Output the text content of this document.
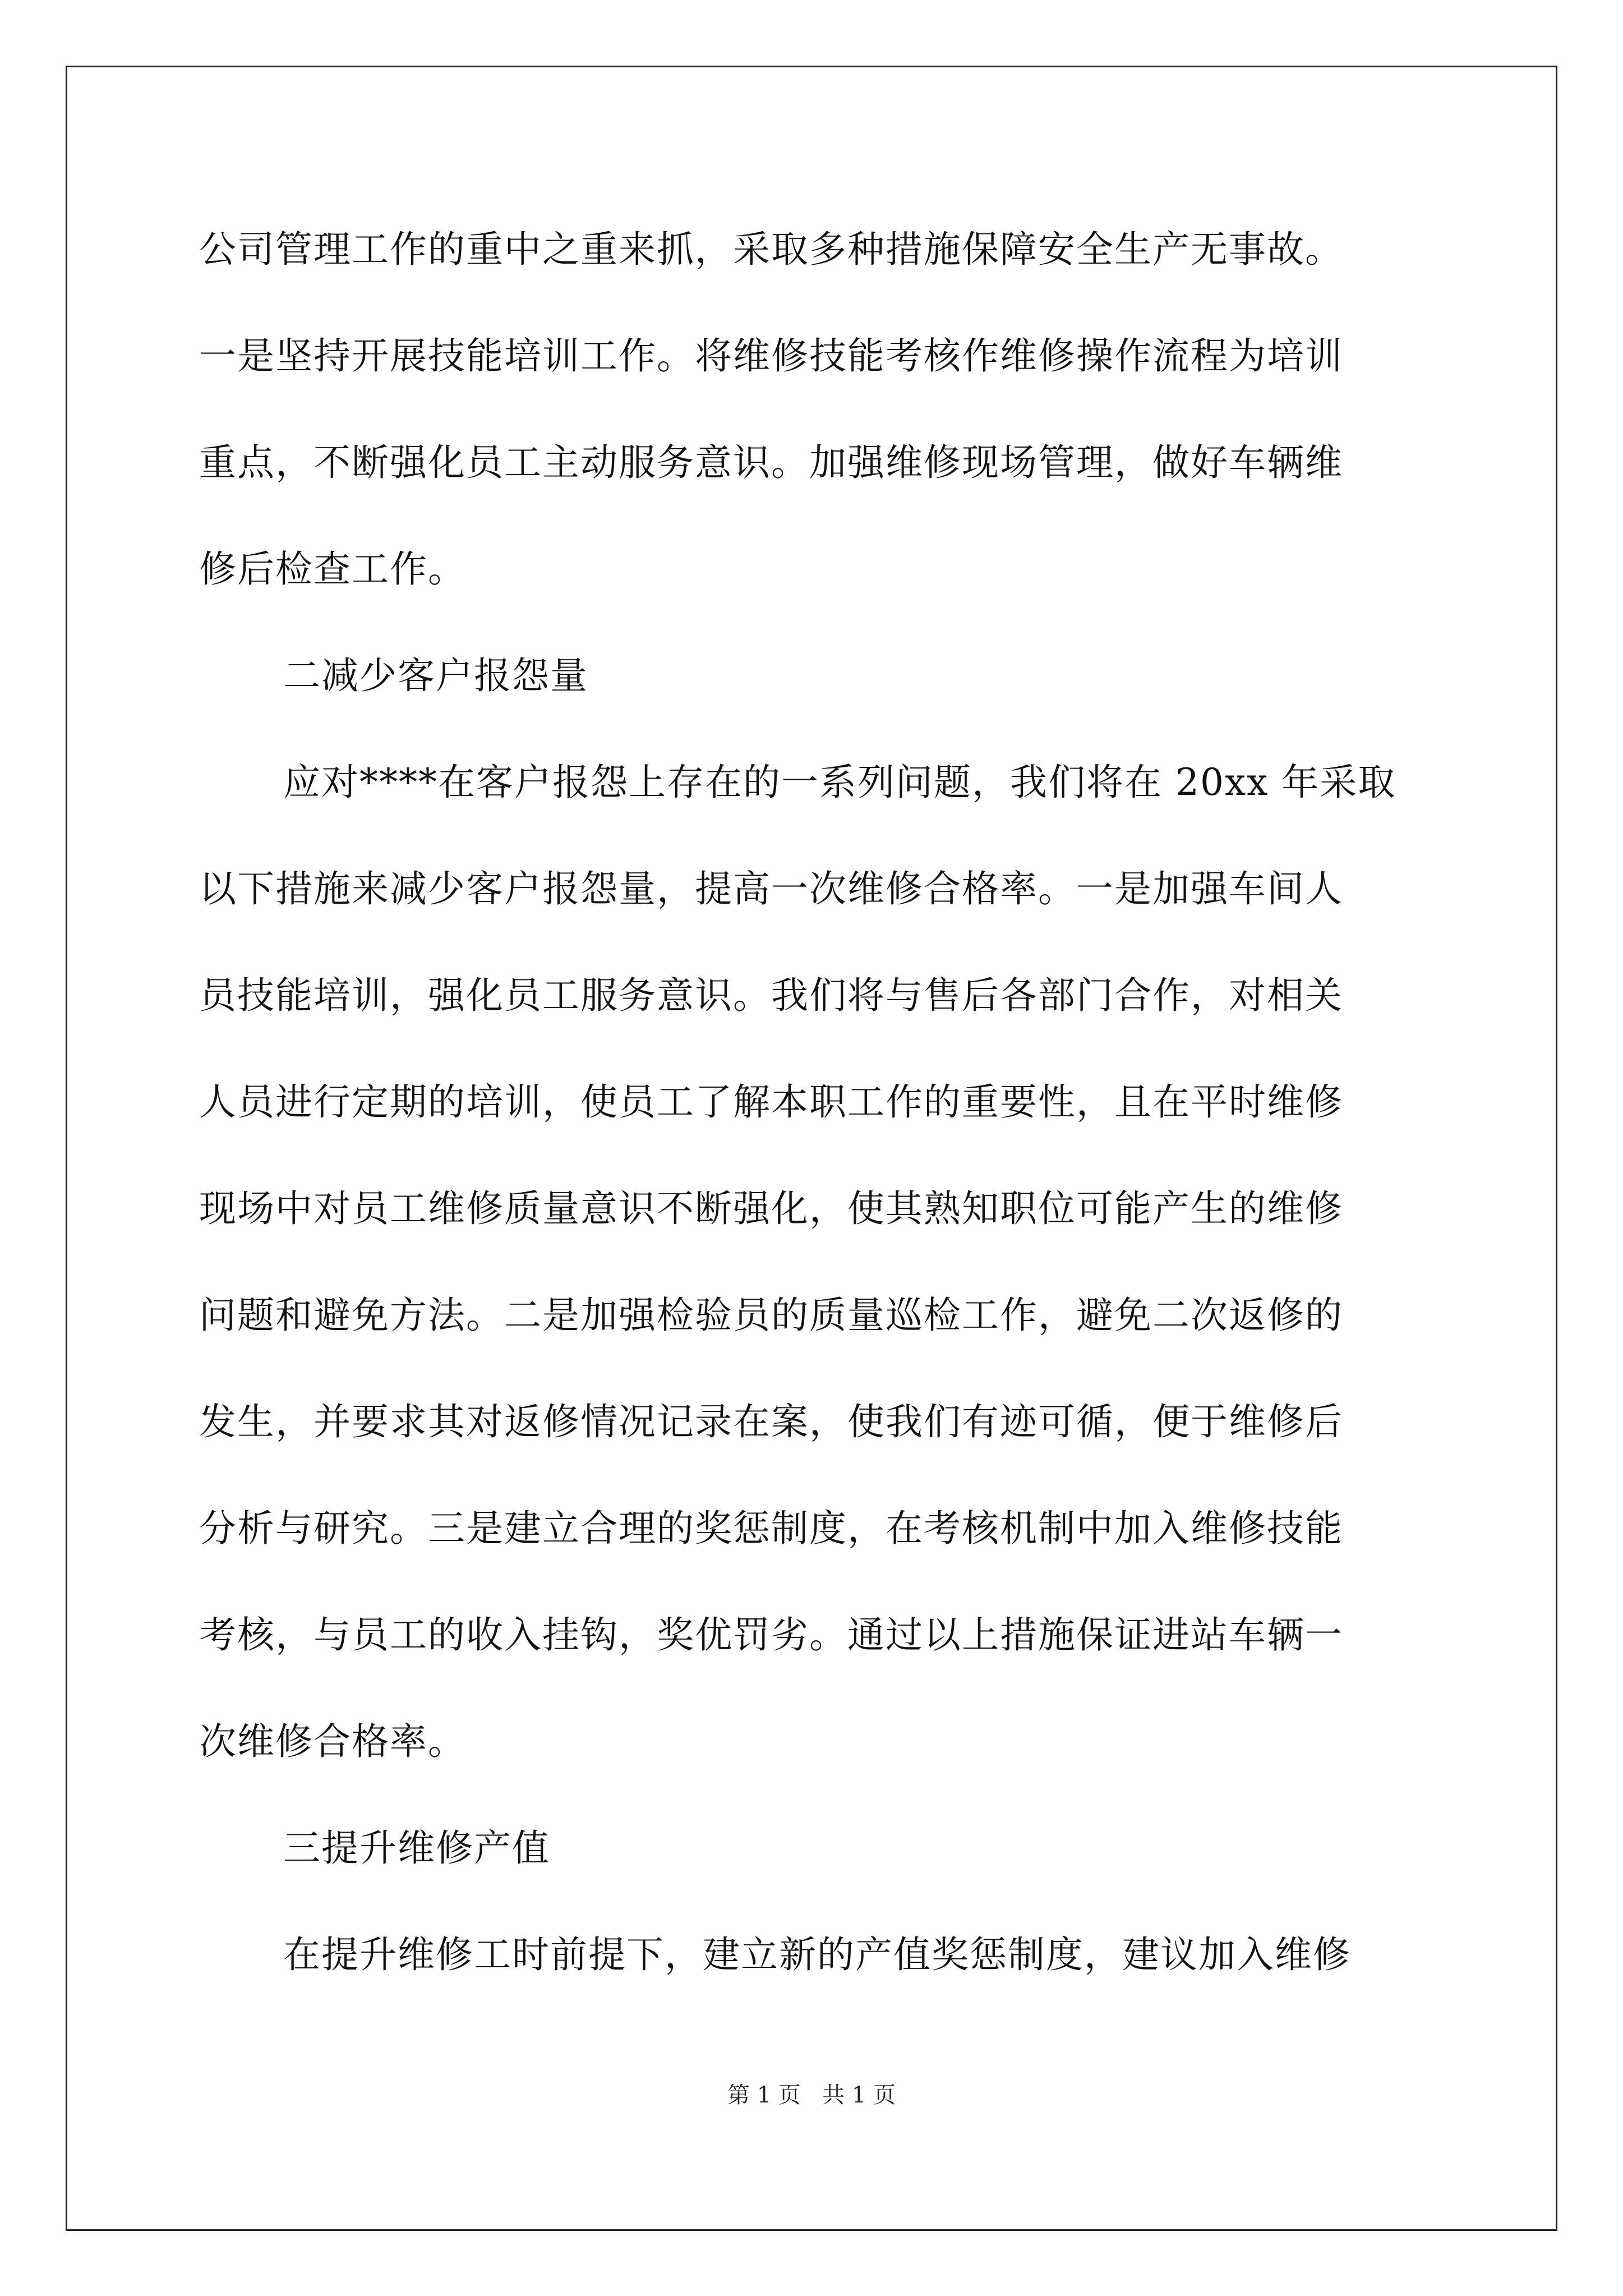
公司管理工作的重中之重来抓，采取多种措施保障安全生产无事故。
一是坚持开展技能培训工作。将维修技能考核作维修操作流程为培训
重点，不断强化员工主动服务意识。加强维修现场管理，做好车辆维
修后检查工作。
二减少客户报怨量
应对****在客户报怨上存在的一系列问题，我们将在 20xx 年采取
以下措施来减少客户报怨量，提高一次维修合格率。一是加强车间人
员技能培训，强化员工服务意识。我们将与售后各部门合作，对相关
人员进行定期的培训，使员工了解本职工作的重要性，且在平时维修
现场中对员工维修质量意识不断强化，使其熟知职位可能产生的维修
问题和避免方法。二是加强检验员的质量巡检工作，避免二次返修的
发生，并要求其对返修情况记录在案，使我们有迹可循，便于维修后
分析与研究。三是建立合理的奖惩制度，在考核机制中加入维修技能
考核，与员工的收入挂钩，奖优罚劣。通过以上措施保证进站车辆一
次维修合格率。
三提升维修产值
在提升维修工时前提下，建立新的产值奖惩制度，建议加入维修
第 1 页   共 1 页
